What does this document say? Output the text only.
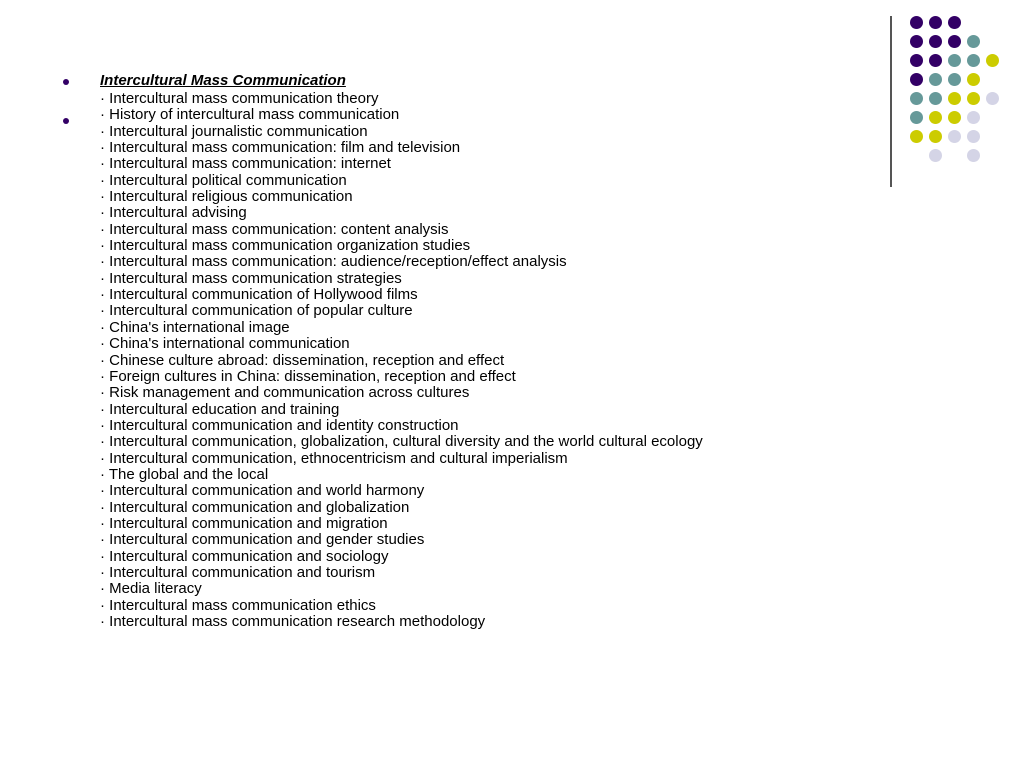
Intercultural Mass Communication
· Intercultural mass communication theory
· History of intercultural mass communication
· Intercultural journalistic communication
· Intercultural mass communication: film and television
· Intercultural mass communication: internet
· Intercultural political communication
· Intercultural religious communication
· Intercultural advising
· Intercultural mass communication: content analysis
· Intercultural mass communication organization studies
· Intercultural mass communication: audience/reception/effect analysis
· Intercultural mass communication strategies
· Intercultural communication of Hollywood films
· Intercultural communication of popular culture
· China's international image
· China's international communication
· Chinese culture abroad: dissemination, reception and effect
· Foreign cultures in China: dissemination, reception and effect
· Risk management and communication across cultures
· Intercultural education and training
· Intercultural communication and identity construction
· Intercultural communication, globalization, cultural diversity and the world cultural ecology
· Intercultural communication, ethnocentricism and cultural imperialism
· The global and the local
· Intercultural communication and world harmony
· Intercultural communication and globalization
· Intercultural communication and migration
· Intercultural communication and gender studies
· Intercultural communication and sociology
· Intercultural communication and tourism
· Media literacy
· Intercultural mass communication ethics
· Intercultural mass communication research methodology
